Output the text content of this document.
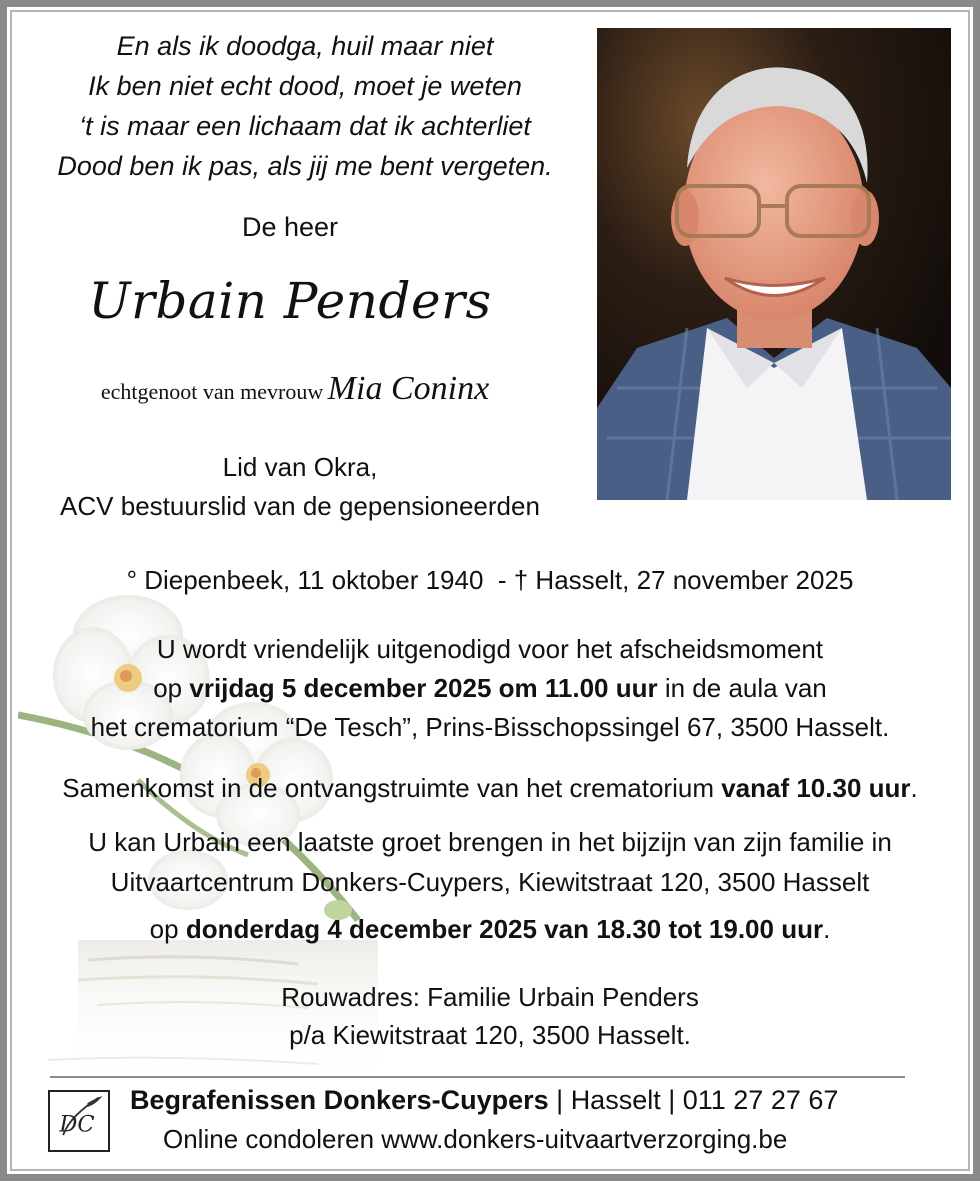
En als ik doodga, huil maar niet
Ik ben niet echt dood, moet je weten
‘t is maar een lichaam dat ik achterliet
Dood ben ik pas, als jij me bent vergeten.
De heer
Urbain Penders
echtgenoot van mevrouw Mia Coninx
Lid van Okra,
ACV bestuurslid van de gepensioneerden
° Diepenbeek, 11 oktober 1940  - † Hasselt, 27 november 2025
U wordt vriendelijk uitgenodigd voor het afscheidsmoment
op vrijdag 5 december 2025 om 11.00 uur in de aula van
het crematorium “De Tesch”, Prins-Bisschopssingel 67, 3500 Hasselt.
Samenkomst in de ontvangstruimte van het crematorium vanaf 10.30 uur.
U kan Urbain een laatste groet brengen in het bijzijn van zijn familie in
Uitvaartcentrum Donkers-Cuypers, Kiewitstraat 120, 3500 Hasselt
op donderdag 4 december 2025 van 18.30 tot 19.00 uur.
Rouwadres: Familie Urbain Penders
p/a Kiewitstraat 120, 3500 Hasselt.
DC
Begrafenissen Donkers-Cuypers | Hasselt | 011 27 27 67
Online condoleren www.donkers-uitvaartverzorging.be
